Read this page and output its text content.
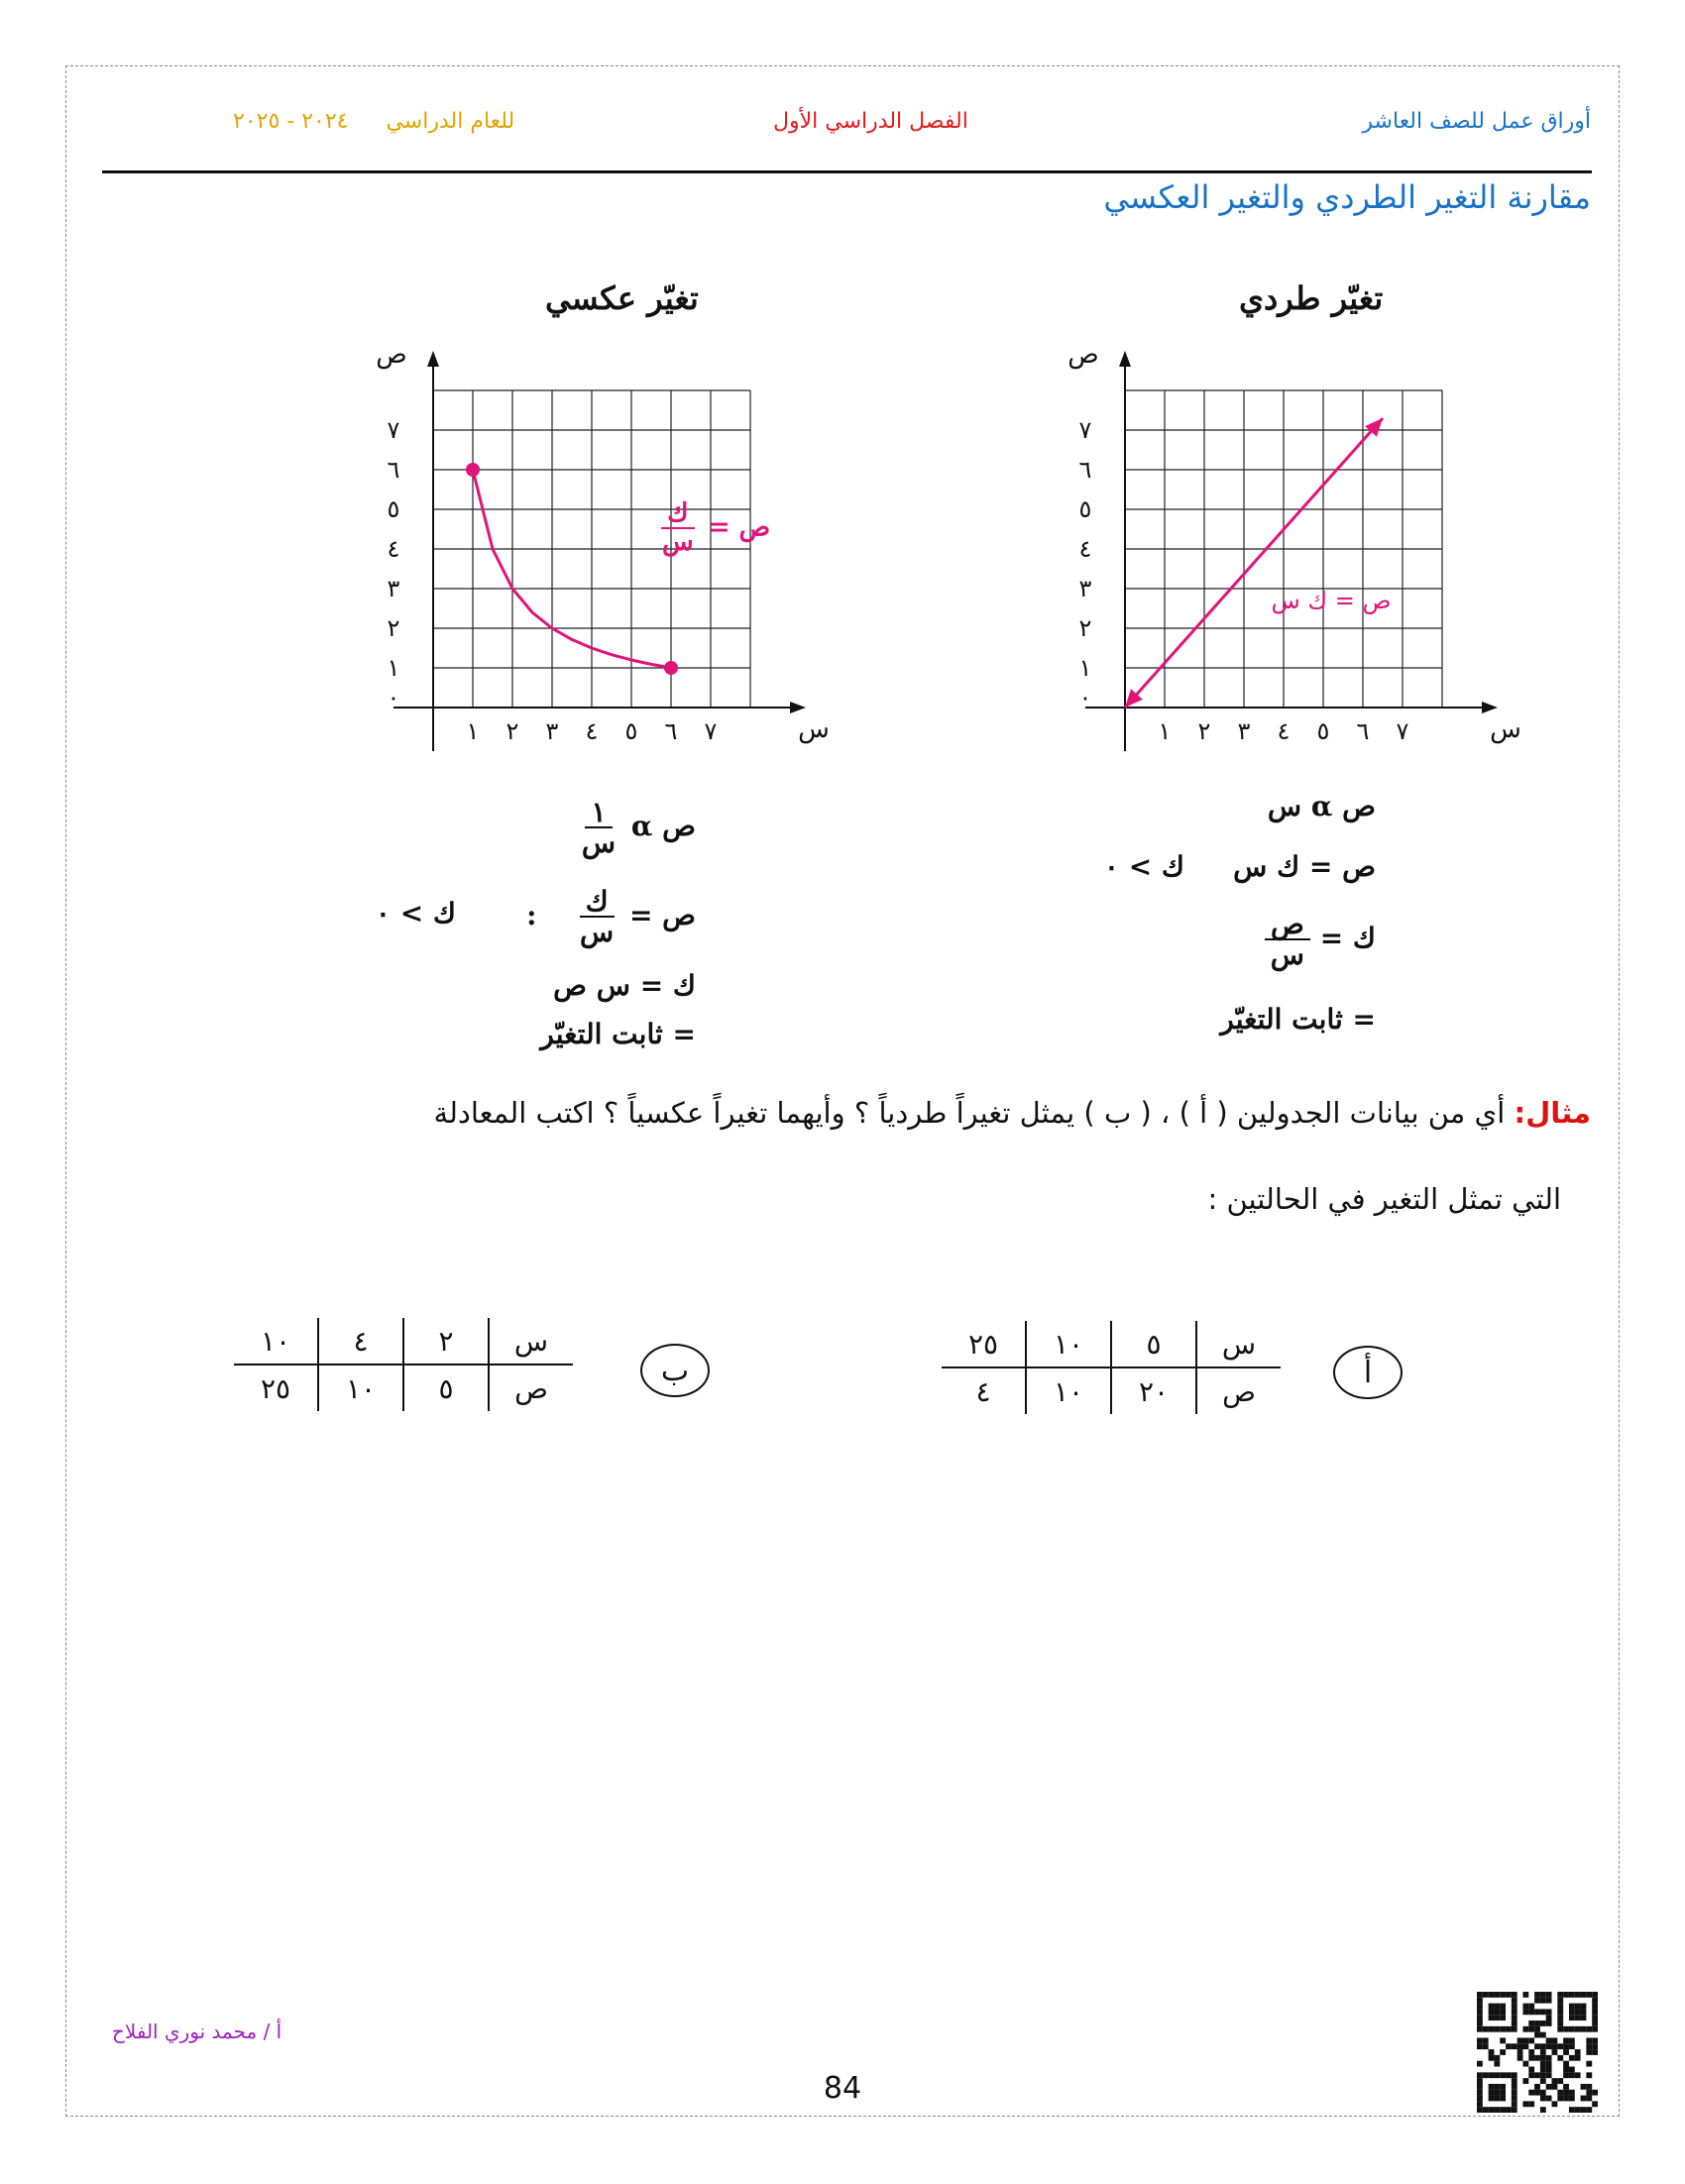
أوراق عمل للصف العاشر
الفصل الدراسي الأول
للعام الدراسي  ٢٠٢٤ - ٢٠٢٥
مقارنة التغير الطردي والتغير العكسي
تغيّر طردي
تغيّر عكسي
١ ٢ ٣ ٤ ٥ ٦ ٧
١
٢
٣
٤
٥
٦
٧
٠
س
ص
ص = ك س
١ ٢ ٣ ٤ ٥ ٦ ٧
١
٢
٣
٤
٥
٦
٧
٠
س
ص
ص =
$\frac{\text{ك}}{\text{س}}$
ص α س
ص = ك س
ك > ٠
ك =
$\frac{\text{ص}}{\text{س}}$
= ثابت التغيّر
ص α
$\frac{١}{\text{س}}$
ص =
$\frac{\text{ك}}{\text{س}}$
:
ك > ٠
ك = س ص
= ثابت التغيّر
مثال: أي من بيانات الجدولين ( أ ) ، ( ب ) يمثل تغيراً طردياً ؟ وأيهما تغيراً عكسياً ؟ اكتب المعادلة
التي تمثل التغير في الحالتين :
أ
س	٥	١٠	٢٥
ص	٢٠	١٠	٤
ب
س	٢	٤	١٠
ص	٥	١٠	٢٥
أ / محمد نوري الفلاح
84
